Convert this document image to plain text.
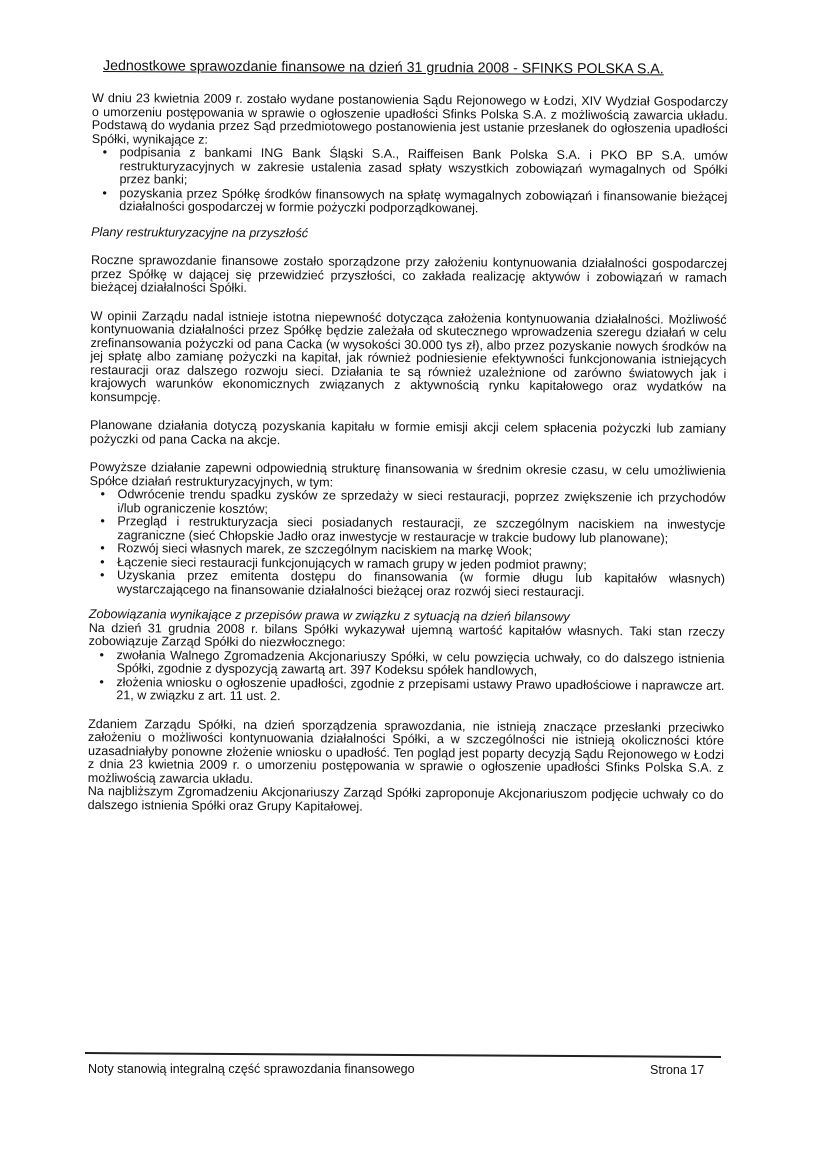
Jednostkowe sprawozdanie finansowe na dzień 31 grudnia 2008 - SFINKS POLSKA S.A.

W dniu 23 kwietnia 2009 r. zostało wydane postanowienia Sądu Rejonowego w Łodzi, XIV Wydział Gospodarczy o umorzeniu postępowania w sprawie o ogłoszenie upadłości Sfinks Polska S.A. z możliwością zawarcia układu. Podstawą do wydania przez Sąd przedmiotowego postanowienia jest ustanie przesłanek do ogłoszenia upadłości Spółki, wynikające z:

• podpisania z bankami ING Bank Śląski S.A., Raiffeisen Bank Polska S.A. i PKO BP S.A. umów restrukturyzacyjnych w zakresie ustalenia zasad spłaty wszystkich zobowiązań wymagalnych od Spółki przez banki;
• pozyskania przez Spółkę środków finansowych na spłatę wymagalnych zobowiązań i finansowanie bieżącej działalności gospodarczej w formie pożyczki podporządkowanej.

Plany restrukturyzacyjne na przyszłość

Roczne sprawozdanie finansowe zostało sporządzone przy założeniu kontynuowania działalności gospodarczej przez Spółkę w dającej się przewidzieć przyszłości, co zakłada realizację aktywów i zobowiązań w ramach bieżącej działalności Spółki.

W opinii Zarządu nadal istnieje istotna niepewność dotycząca założenia kontynuowania działalności. Możliwość kontynuowania działalności przez Spółkę będzie zależała od skutecznego wprowadzenia szeregu działań w celu zrefinansowania pożyczki od pana Cacka (w wysokości 30.000 tys zł), albo przez pozyskanie nowych środków na jej spłatę albo zamianę pożyczki na kapitał, jak również podniesienie efektywności funkcjonowania istniejących restauracji oraz dalszego rozwoju sieci. Działania te są również uzależnione od zarówno światowych jak i krajowych warunków ekonomicznych związanych z aktywnością rynku kapitałowego oraz wydatków na konsumpcję.

Planowane działania dotyczą pozyskania kapitału w formie emisji akcji celem spłacenia pożyczki lub zamiany pożyczki od pana Cacka na akcje.

Powyższe działanie zapewni odpowiednią strukturę finansowania w średnim okresie czasu, w celu umożliwienia Spółce działań restrukturyzacyjnych, w tym:

• Odwrócenie trendu spadku zysków ze sprzedaży w sieci restauracji, poprzez zwiększenie ich przychodów i/lub ograniczenie kosztów;
• Przegląd i restrukturyzacja sieci posiadanych restauracji, ze szczególnym naciskiem na inwestycje zagraniczne (sieć Chłopskie Jadło oraz inwestycje w restauracje w trakcie budowy lub planowane);
• Rozwój sieci własnych marek, ze szczególnym naciskiem na markę Wook;
• Łączenie sieci restauracji funkcjonujących w ramach grupy w jeden podmiot prawny;
• Uzyskania przez emitenta dostępu do finansowania (w formie długu lub kapitałów własnych) wystarczającego na finansowanie działalności bieżącej oraz rozwój sieci restauracji.

Zobowiązania wynikające z przepisów prawa w związku z sytuacją na dzień bilansowy

Na dzień 31 grudnia 2008 r. bilans Spółki wykazywał ujemną wartość kapitałów własnych. Taki stan rzeczy zobowiązuje Zarząd Spółki do niezwłocznego:

• zwołania Walnego Zgromadzenia Akcjonariuszy Spółki, w celu powzięcia uchwały, co do dalszego istnienia Spółki, zgodnie z dyspozycją zawartą art. 397 Kodeksu spółek handlowych,
• złożenia wniosku o ogłoszenie upadłości, zgodnie z przepisami ustawy Prawo upadłościowe i naprawcze art. 21, w związku z art. 11 ust. 2.

Zdaniem Zarządu Spółki, na dzień sporządzenia sprawozdania, nie istnieją znaczące przesłanki przeciwko założeniu o możliwości kontynuowania działalności Spółki, a w szczególności nie istnieją okoliczności które uzasadniałyby ponowne złożenie wniosku o upadłość. Ten pogląd jest poparty decyzją Sądu Rejonowego w Łodzi z dnia 23 kwietnia 2009 r. o umorzeniu postępowania w sprawie o ogłoszenie upadłości Sfinks Polska S.A. z możliwością zawarcia układu.

Na najbliższym Zgromadzeniu Akcjonariuszy Zarząd Spółki zaproponuje Akcjonariuszom podjęcie uchwały co do dalszego istnienia Spółki oraz Grupy Kapitałowej.

Noty stanowią integralną część sprawozdania finansowego	Strona 17
